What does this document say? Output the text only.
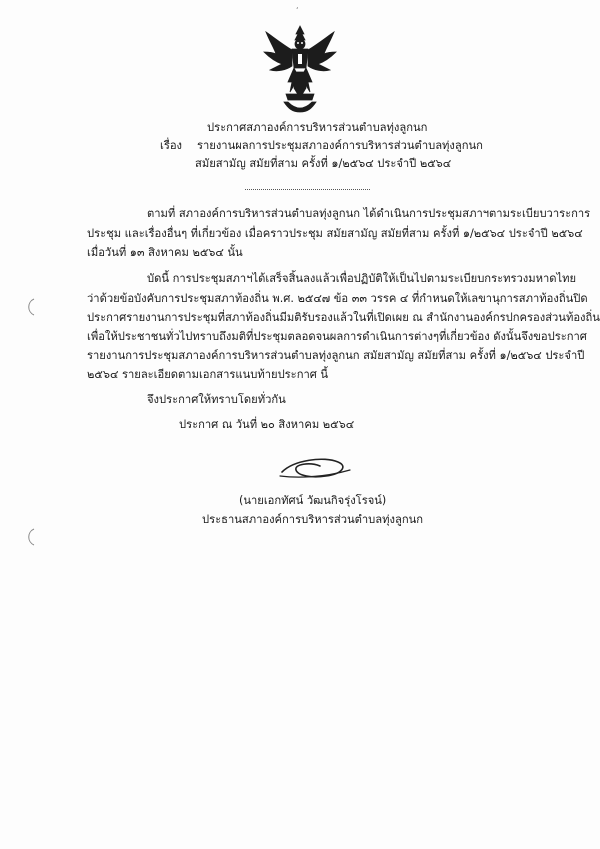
‘
ประกาศสภาองค์การบริหารส่วนตำบลทุ่งลูกนก
เรื่อง รายงานผลการประชุมสภาองค์การบริหารส่วนตำบลทุ่งลูกนก
สมัยสามัญ สมัยที่สาม ครั้งที่ ๑/๒๕๖๔ ประจำปี ๒๕๖๔
ตามที่ สภาองค์การบริหารส่วนตำบลทุ่งลูกนก ได้ดำเนินการประชุมสภาฯตามระเบียบวาระการ
ประชุม และเรื่องอื่นๆ ที่เกี่ยวข้อง เมื่อคราวประชุม สมัยสามัญ สมัยที่สาม ครั้งที่ ๑/๒๕๖๔ ประจำปี ๒๕๖๔
เมื่อวันที่ ๑๓ สิงหาคม ๒๕๖๔ นั้น
บัดนี้ การประชุมสภาฯได้เสร็จสิ้นลงแล้วเพื่อปฏิบัติให้เป็นไปตามระเบียบกระทรวงมหาดไทย
ว่าด้วยข้อบังคับการประชุมสภาท้องถิ่น พ.ศ. ๒๕๔๗ ข้อ ๓๓ วรรค ๔ ที่กำหนดให้เลขานุการสภาท้องถิ่นปิด
ประกาศรายงานการประชุมที่สภาท้องถิ่นมีมติรับรองแล้วในที่เปิดเผย ณ สำนักงานองค์กรปกครองส่วนท้องถิ่น
เพื่อให้ประชาชนทั่วไปทราบถึงมติที่ประชุมตลอดจนผลการดำเนินการต่างๆที่เกี่ยวข้อง ดังนั้นจึงขอประกาศ
รายงานการประชุมสภาองค์การบริหารส่วนตำบลทุ่งลูกนก สมัยสามัญ สมัยที่สาม ครั้งที่ ๑/๒๕๖๔ ประจำปี
๒๕๖๔ รายละเอียดตามเอกสารแนบท้ายประกาศ นี้
จึงประกาศให้ทราบโดยทั่วกัน
ประกาศ ณ วันที่ ๒๐ สิงหาคม ๒๕๖๔
(นายเอกทัศน์ วัฒนกิจรุ่งโรจน์)
ประธานสภาองค์การบริหารส่วนตำบลทุ่งลูกนก
